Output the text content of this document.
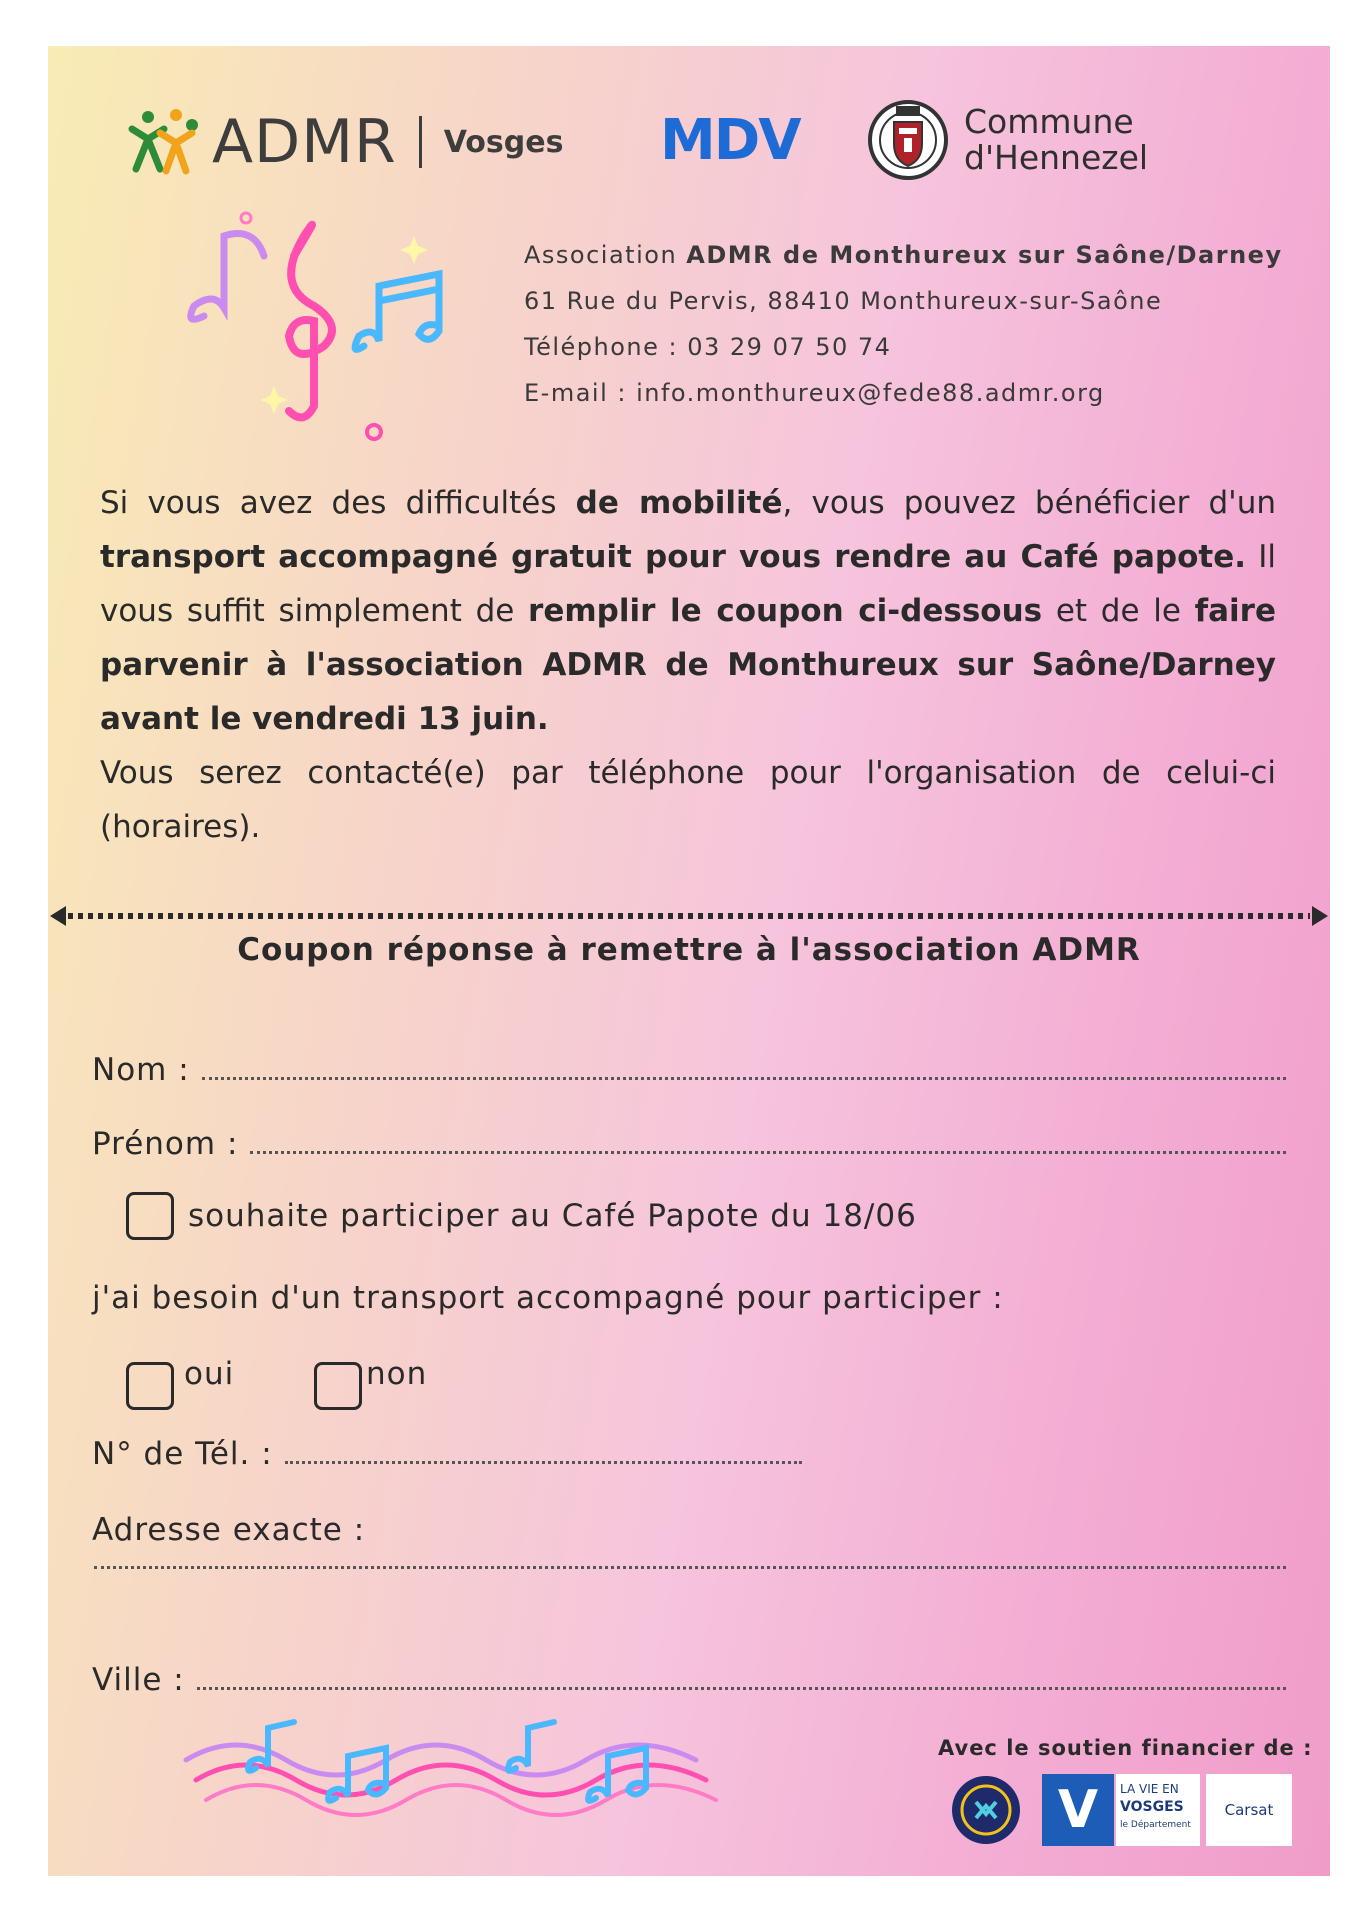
ADMR Vosges MDV	Commune
d'Hennezel
Association ADMR de Monthureux sur Saône/Darney
61 Rue du Pervis, 88410 Monthureux-sur-Saône
Téléphone : 03 29 07 50 74
E-mail : info.monthureux@fede88.admr.org
Si vous avez des difficultés de mobilité, vous pouvez bénéficier d'un transport accompagné gratuit pour vous rendre au Café papote. Il vous suffit simplement de remplir le coupon ci-dessous et de le faire parvenir à l'association ADMR de Monthureux sur Saône/Darney avant le vendredi 13 juin.
Vous serez contacté(e) par téléphone pour l'organisation de celui-ci (horaires).
Coupon réponse à remettre à l'association ADMR
Nom :
Prénom :
souhaite participer au Café Papote du 18/06
j'ai besoin d'un transport accompagné pour participer :
oui	non
N° de Tél. :
Adresse exacte :
Ville :
Avec le soutien financier de :
V	LA VIE EN
VOSGES
le Département
Carsat
